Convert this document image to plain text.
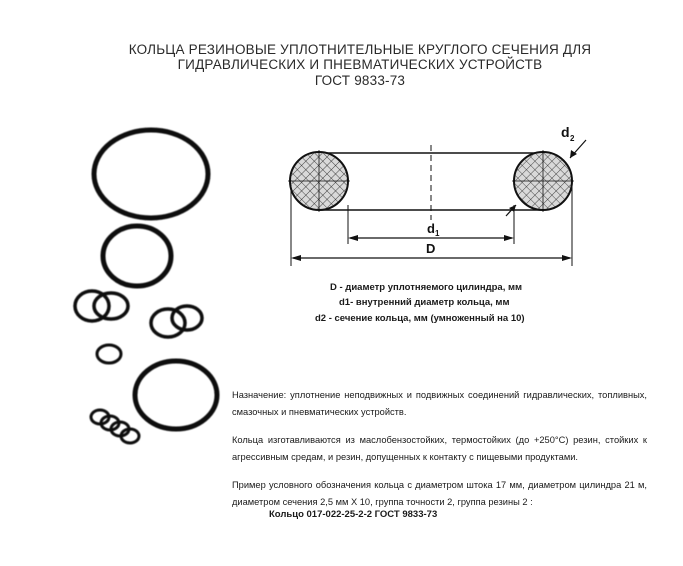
КОЛЬЦА РЕЗИНОВЫЕ УПЛОТНИТЕЛЬНЫЕ КРУГЛОГО СЕЧЕНИЯ ДЛЯ
ГИДРАВЛИЧЕСКИХ И ПНЕВМАТИЧЕСКИХ УСТРОЙСТВ
ГОСТ 9833-73
d 2
d 1
D
D - диаметр уплотняемого цилиндра, мм
d1- внутренний диаметр кольца, мм
d2 - сечение кольца, мм (умноженный на 10)
Назначение: уплотнение неподвижных и подвижных соединений гидравлических, топливных, смазочных и пневматических устройств.
Кольца изготавливаются из маслобензостойких, термостойких (до +250°С) резин, стойких к агрессивным средам, и резин, допущенных к контакту с пищевыми продуктами.
Пример условного обозначения кольца с диаметром штока 17 мм, диаметром цилиндра 21 м, диаметром сечения 2,5 мм Х 10, группа точности 2, группа резины 2 :
Кольцо 017-022-25-2-2 ГОСТ 9833-73
